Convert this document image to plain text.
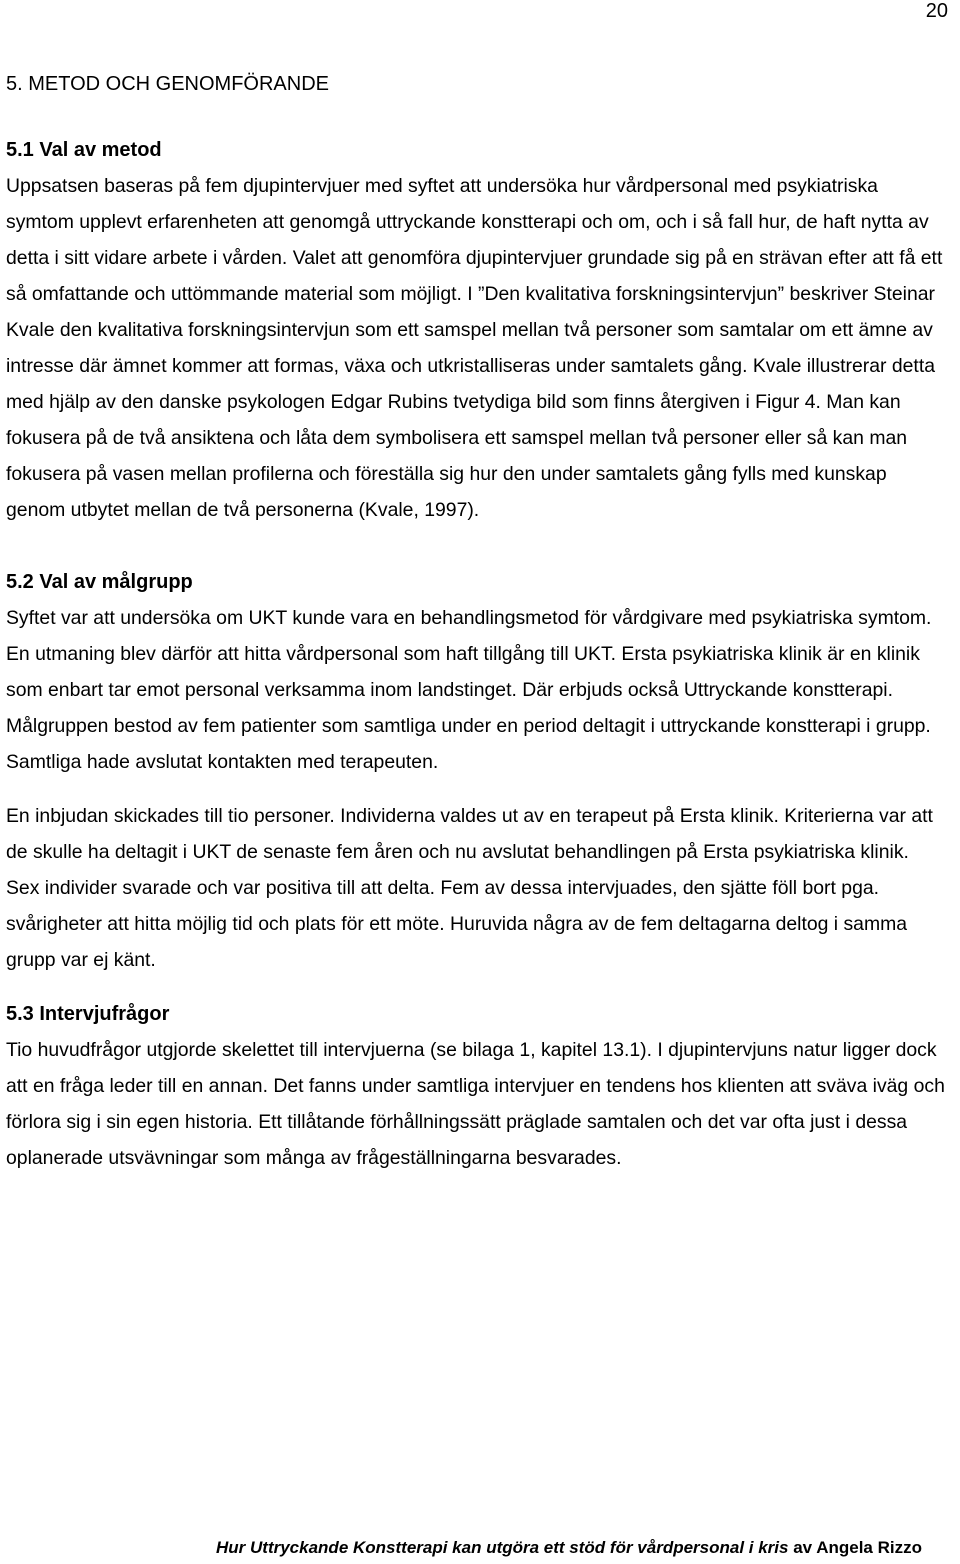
20
5. METOD OCH GENOMFÖRANDE
5.1 Val av metod

Uppsatsen baseras på fem djupintervjuer med syftet att undersöka hur vårdpersonal med psykiatriska symtom upplevt erfarenheten att genomgå uttryckande konstterapi och om, och i så fall hur, de haft nytta av detta i sitt vidare arbete i vården. Valet att genomföra djupintervjuer grundade sig på en strävan efter att få ett så omfattande och uttömmande material som möjligt. I ”Den kvalitativa forskningsintervjun” beskriver Steinar Kvale den kvalitativa forskningsintervjun som ett samspel mellan två personer som samtalar om ett ämne av intresse där ämnet kommer att formas, växa och utkristalliseras under samtalets gång. Kvale illustrerar detta med hjälp av den danske psykologen Edgar Rubins tvetydiga bild som finns återgiven i Figur 4. Man kan fokusera på de två ansiktena och låta dem symbolisera ett samspel mellan två personer eller så kan man fokusera på vasen mellan profilerna och föreställa sig hur den under samtalets gång fylls med kunskap genom utbytet mellan de två personerna (Kvale, 1997).

5.2 Val av målgrupp

Syftet var att undersöka om UKT kunde vara en behandlingsmetod för vårdgivare med psykiatriska symtom. En utmaning blev därför att hitta vårdpersonal som haft tillgång till UKT. Ersta psykiatriska klinik är en klinik som enbart tar emot personal verksamma inom landstinget. Där erbjuds också Uttryckande konstterapi.

Målgruppen bestod av fem patienter som samtliga under en period deltagit i uttryckande konstterapi i grupp. Samtliga hade avslutat kontakten med terapeuten.

En inbjudan skickades till tio personer. Individerna valdes ut av en terapeut på Ersta klinik. Kriterierna var att de skulle ha deltagit i UKT de senaste fem åren och nu avslutat behandlingen på Ersta psykiatriska klinik. Sex individer svarade och var positiva till att delta. Fem av dessa intervjuades, den sjätte föll bort pga. svårigheter att hitta möjlig tid och plats för ett möte. Huruvida några av de fem deltagarna deltog i samma grupp var ej känt.

5.3 Intervjufrågor

Tio huvudfrågor utgjorde skelettet till intervjuerna (se bilaga 1, kapitel 13.1). I djupintervjuns natur ligger dock att en fråga leder till en annan. Det fanns under samtliga intervjuer en tendens hos klienten att sväva iväg och förlora sig i sin egen historia. Ett tillåtande förhållningssätt präglade samtalen och det var ofta just i dessa oplanerade utsvävningar som många av frågeställningarna besvarades.

Hur Uttryckande Konstterapi kan utgöra ett stöd för vårdpersonal i kris av Angela Rizzo
